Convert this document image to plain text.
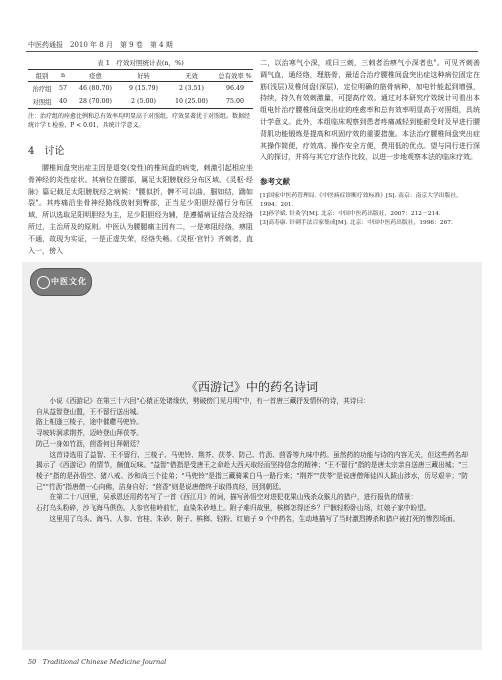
中医药通报　2010 年 8 月　第 9 卷　第 4 期
表 1　疗效对照统计表(n，%)
组别	n	痊愈	好转	无效	总有效率 %
治疗组	57	46 (80.70)	9 (15.79)	2 (3.51)	96.49
对照组	40	28 (70.00)	2 (5.00)	10 (25.00)	75.00
注：治疗组的痊愈比例和总有效率均明显高于对照组，疗效显著优于对照组。数据经统计学 t 检验，P < 0.01，具统计学意义。
4　讨论

腰椎间盘突出症主因是退变(变性)的椎间盘的病变，刺激引起相应坐骨神经的炎性症状。其病位在腰部，属足太阳膀胱经分布区域。《灵枢·经脉》篇记载足太阳膀胱经之病候："腰似折，髀不可以曲，腘如结，踹如裂"。其疼痛沿坐骨神经路线放射到臀部，正当足少阳胆经循行分布区域，所以选取足阳明胆经为主，足少阳胆经为辅，是遵循病证结合及经络所过，主治所及的原则。中医认为腰腿痛主因有二，一是寒阻经络，痹阻不通，故现为实证，一是正虚失荣，经络失畅。《灵枢·官针》齐刺者，直入一，傍入

二，以治寒气小深，或曰三刺，三刺者治痹气小深者也"。可见齐刺善调气血，通经络，理筋骨，最适合治疗腰椎间盘突出症这种病位固定在筋(浅层)及椎间盘(深层)，定位明确的筋骨病种，加电针能起到增强，持续，持久有效刺激量，可提高疗效。通过对本研究疗效统计可看出本组电针治疗腰椎间盘突出症的痊愈率和总有效率明显高于对照组，具统计学意义。此外，本组临床观察到患者疼痛减轻到能耐受时及早进行腰背肌功能锻炼是提高和巩固疗效的重要措施。本法治疗腰椎间盘突出症其操作简便，疗效高、操作安全方便，费用低的优点。望与同行进行深入的探讨，并将与其它疗法作比较，以进一步地观察本法的临床疗效。

参考文献
[1]国家中医药管理局.《中医病症诊断疗效标准》[S]. 南京：南京大学出版社，1994：201.
[2]孙学斌. 针灸学[M]. 北京：中国中医药出版社，2007：212－214.
[3]高寿康. 针刺手法百家集成[M]. 北京：中国中医药出版社，1996：267.
中医文化
《西游记》中的药名诗词

小说《西游记》在第三十六回"心猿正处诸缘伏，劈破傍门见月明"中，有一首唐三藏抒发情怀的诗，其诗曰：

自从益智登山盟，王不留行送出城。

路上相逢三棱子，途中催趱马兜铃。

寻坡转涧求荆芥，迈岭登山拜茯苓。

防己一身如竹沥，茴香何日拜朝廷？

这首诗选用了益智、王不留行、三棱子、马兜铃、荆芥、茯苓、防己、竹沥、茴香等九味中药。虽然药的功能与诗的内容无关，但这些药名却揭示了《西游记》的情节，颇值玩味。"益智"借指是受唐王之命赴大西天取经而坚持信念的精神；"王不留行"指的是唐太宗亲自送唐三藏出城；"三棱子"指的是孙悟空、猪八戒、沙和尚三个徒弟；"马兜铃"是指三藏骑乘白马一路行来；"荆芥""茯苓"是说唐僧师徒四人跋山涉水，历尽艰辛；"防己""竹沥"指唐僧一心向佛，洁身自好；"茴香"则是说唐僧终于取得真经，回到朝廷。

在第二十八回里，吴承恩还用药名写了一首《西江月》的词，描写孙悟空对进犯花果山残杀众猴儿的猎户，进行报仇的情景：

石打乌头粉碎，沙飞海马俱伤。人参官桂岭前忙，血染朱砂地上。附子难归故里，槟榔怎得还乡？尸骸轻粉卧山场，红娘子家中盼望。

这里用了乌头、海马、人参、官桂、朱砂、附子、槟榔、轻粉、红娘子 9 个中药名，生动地描写了当时激烈搏杀和猎户被打死的惨烈场面。

50　Traditional Chinese Medicine Journal
